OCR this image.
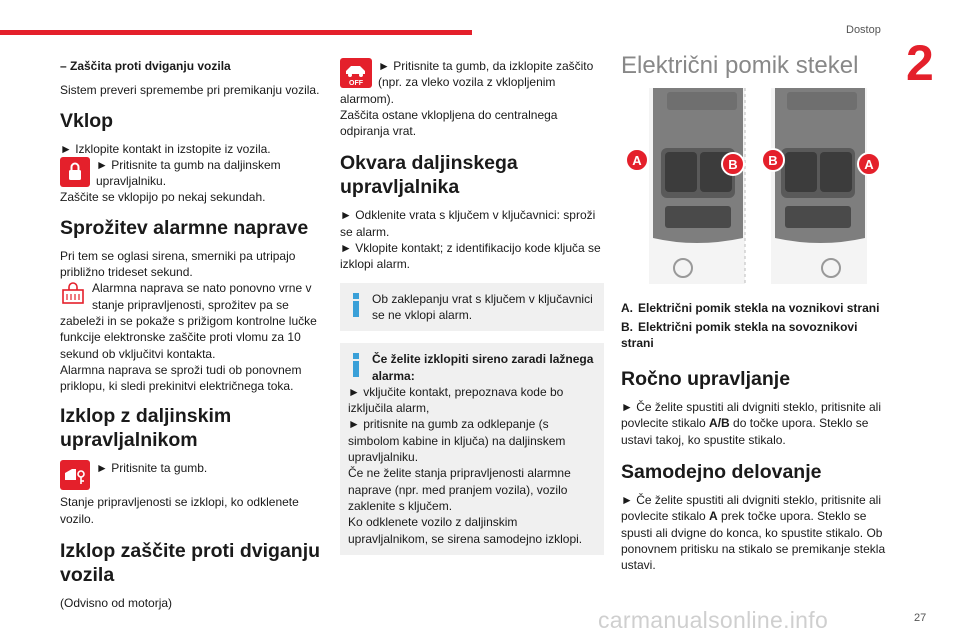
Dostop
2
27
carmanualsonline.info

– Zaščita proti dviganju vozila

Sistem preveri spremembe pri premikanju vozila.

Vklop

► Izklopite kontakt in izstopite iz vozila.

► Pritisnite ta gumb na daljinskem upravljalniku.

Zaščite se vklopijo po nekaj sekundah.

Sprožitev alarmne naprave

Pri tem se oglasi sirena, smerniki pa utripajo približno trideset sekund.

Alarmna naprava se nato ponovno vrne v stanje pripravljenosti, sprožitev pa se zabeleži in se pokaže s prižigom kontrolne lučke funkcije elektronske zaščite proti vlomu za 10 sekund ob vključitvi kontakta.

Alarmna naprava se sproži tudi ob ponovnem priklopu, ki sledi prekinitvi električnega toka.

Izklop z daljinskim upravljalnikom

► Pritisnite ta gumb.

Stanje pripravljenosti se izklopi, ko odklenete vozilo.

Izklop zaščite proti dviganju vozila

(Odvisno od motorja)

OFF

► Pritisnite ta gumb, da izklopite zaščito (npr. za vleko vozila z vklopljenim alarmom).

Zaščita ostane vklopljena do centralnega odpiranja vrat.

Okvara daljinskega upravljalnika

► Odklenite vrata s ključem v ključavnici: sproži se alarm.

► Vklopite kontakt; z identifikacijo kode ključa se izklopi alarm.

Ob zaklepanju vrat s ključem v ključavnici se ne vklopi alarm.

Če želite izklopiti sireno zaradi lažnega alarma:

► vključite kontakt, prepoznava kode bo izključila alarm,

► pritisnite na gumb za odklepanje (s simbolom kabine in ključa) na daljinskem upravljalniku.

Če ne želite stanja pripravljenosti alarmne naprave (npr. med pranjem vozila), vozilo zaklenite s ključem.

Ko odklenete vozilo z daljinskim upravljalnikom, se sirena samodejno izklopi.

Električni pomik stekel
A	B B	A

A. Električni pomik stekla na voznikovi strani

B. Električni pomik stekla na sovoznikovi strani

Ročno upravljanje

► Če želite spustiti ali dvigniti steklo, pritisnite ali povlecite stikalo A/B do točke upora. Steklo se ustavi takoj, ko spustite stikalo.

Samodejno delovanje

► Če želite spustiti ali dvigniti steklo, pritisnite ali povlecite stikalo A prek točke upora. Steklo se spusti ali dvigne do konca, ko spustite stikalo. Ob ponovnem pritisku na stikalo se premikanje stekla ustavi.
